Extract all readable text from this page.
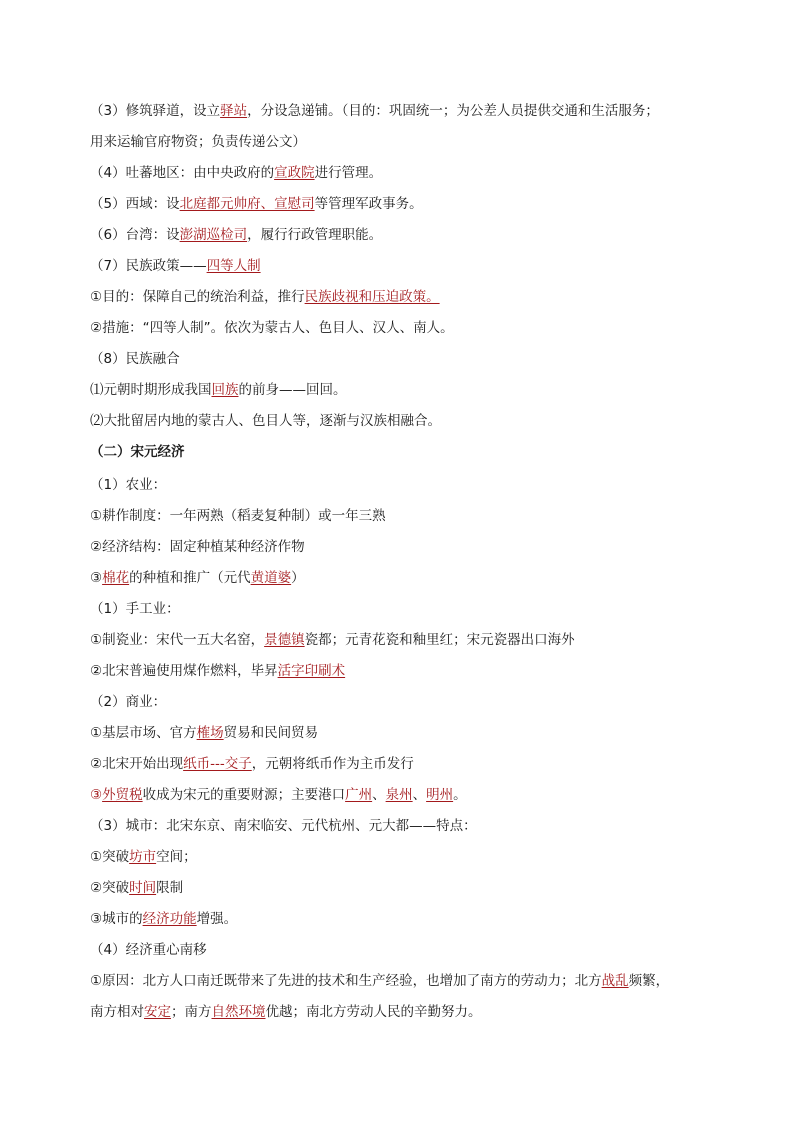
（3）修筑驿道，设立驿站，分设急递铺。（目的：巩固统一；为公差人员提供交通和生活服务；
用来运输官府物资；负责传递公文）
（4）吐蕃地区：由中央政府的宣政院进行管理。
（5）西域：设北庭都元帅府、宣慰司等管理军政事务。
（6）台湾：设澎湖巡检司，履行行政管理职能。
（7）民族政策——四等人制
①目的：保障自己的统治利益，推行民族歧视和压迫政策。
②措施：“四等人制”。依次为蒙古人、色目人、汉人、南人。
（8）民族融合
⑴元朝时期形成我国回族的前身——回回。
⑵大批留居内地的蒙古人、色目人等，逐渐与汉族相融合。
（二）宋元经济
（1）农业：
①耕作制度：一年两熟（稻麦复种制）或一年三熟
②经济结构：固定种植某种经济作物
③棉花的种植和推广（元代黄道婆）
（1）手工业：
①制瓷业：宋代一五大名窑，景德镇瓷都；元青花瓷和釉里红；宋元瓷器出口海外
②北宋普遍使用煤作燃料，毕昇活字印刷术
（2）商业：
①基层市场、官方榷场贸易和民间贸易
②北宋开始出现纸币---交子，元朝将纸币作为主币发行
③外贸税收成为宋元的重要财源；主要港口广州、泉州、明州。
（3）城市：北宋东京、南宋临安、元代杭州、元大都——特点：
①突破坊市空间；
②突破时间限制
③城市的经济功能增强。
（4）经济重心南移
①原因：北方人口南迁既带来了先进的技术和生产经验，也增加了南方的劳动力；北方战乱频繁，
南方相对安定；南方自然环境优越；南北方劳动人民的辛勤努力。
